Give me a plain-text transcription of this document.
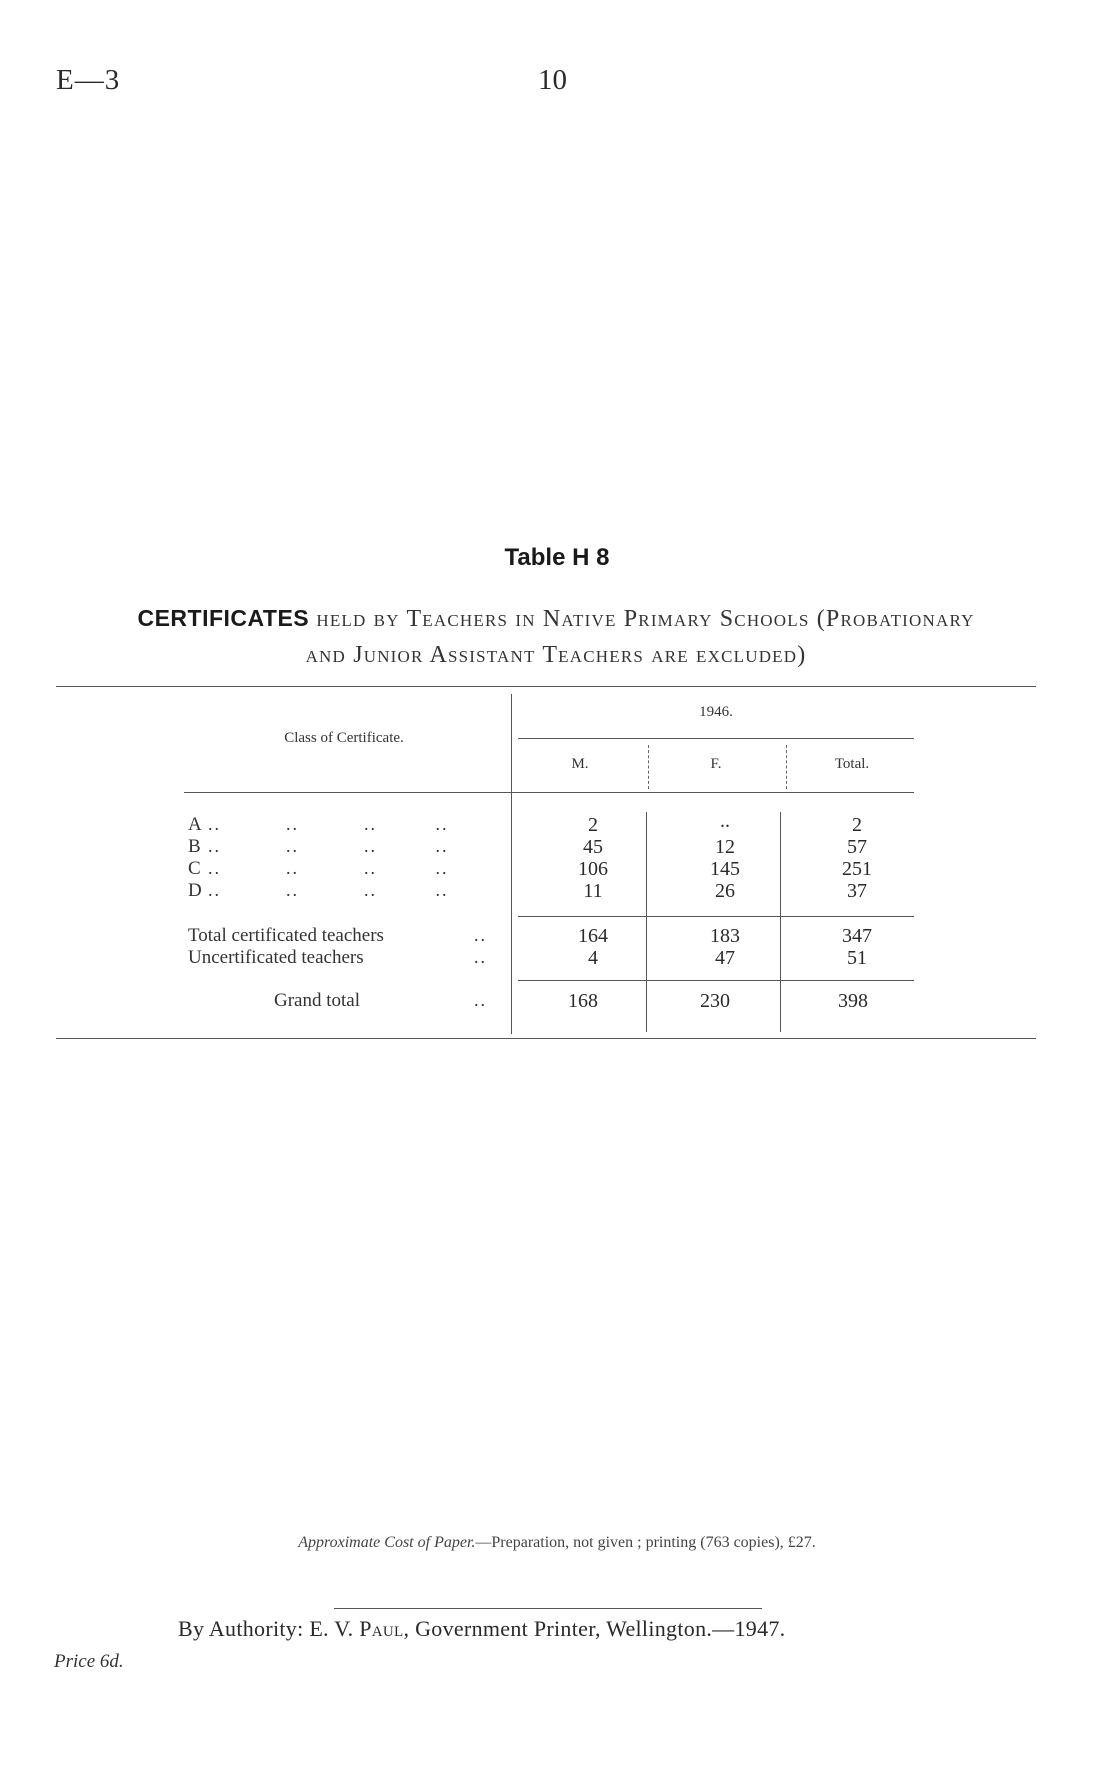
E—3	10
Table H 8
CERTIFICATES held by Teachers in Native Primary Schools (Probationary
and Junior Assistant Teachers are excluded)
Class of Certificate.
1946.
M.	F.	Total.
A ..          ..          ..         ..	2	..	2
B ..          ..          ..         ..	45	12	57
C ..          ..          ..         ..	106	145	251
D ..          ..          ..         ..	11	26	37
Total certificated teachers	..	164	183	347
Uncertificated teachers	..	4	47	51
Grand total	..	168	230	398
Approximate Cost of Paper.—Preparation, not given ; printing (763 copies), £27.
By Authority: E. V. Paul, Government Printer, Wellington.—1947.
Price 6d.
